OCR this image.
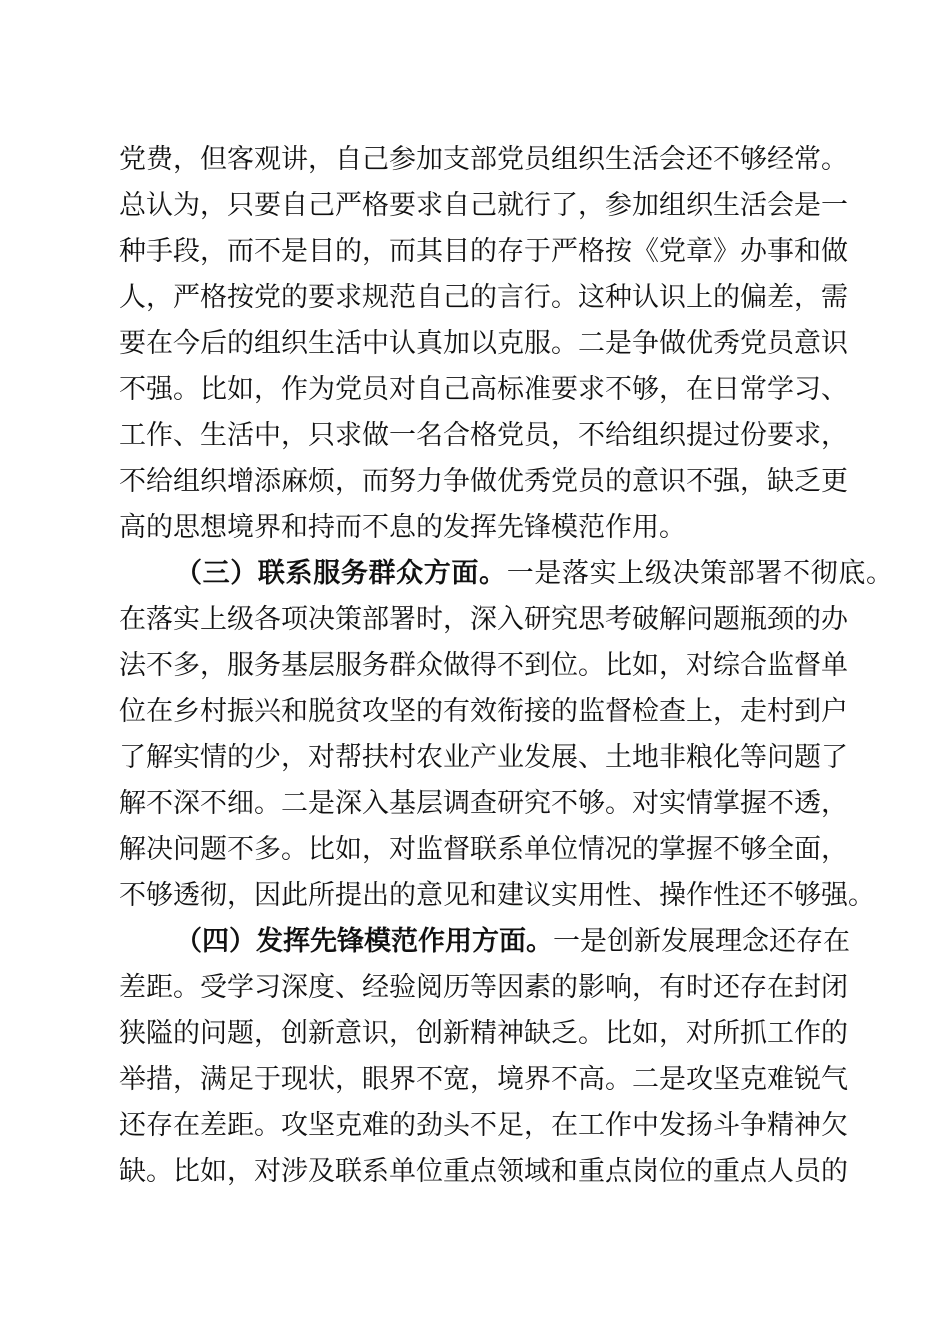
党费，但客观讲，自己参加支部党员组织生活会还不够经常。
总认为，只要自己严格要求自己就行了，参加组织生活会是一
种手段，而不是目的，而其目的存于严格按《党章》办事和做
人，严格按党的要求规范自己的言行。这种认识上的偏差，需
要在今后的组织生活中认真加以克服。二是争做优秀党员意识
不强。比如，作为党员对自己高标准要求不够，在日常学习、
工作、生活中，只求做一名合格党员，不给组织提过份要求，
不给组织增添麻烦，而努力争做优秀党员的意识不强，缺乏更
高的思想境界和持而不息的发挥先锋模范作用。
（三）联系服务群众方面。一是落实上级决策部署不彻底。
在落实上级各项决策部署时，深入研究思考破解问题瓶颈的办
法不多，服务基层服务群众做得不到位。比如，对综合监督单
位在乡村振兴和脱贫攻坚的有效衔接的监督检查上，走村到户
了解实情的少，对帮扶村农业产业发展、土地非粮化等问题了
解不深不细。二是深入基层调查研究不够。对实情掌握不透，
解决问题不多。比如，对监督联系单位情况的掌握不够全面，
不够透彻，因此所提出的意见和建议实用性、操作性还不够强。
（四）发挥先锋模范作用方面。一是创新发展理念还存在
差距。受学习深度、经验阅历等因素的影响，有时还存在封闭
狭隘的问题，创新意识，创新精神缺乏。比如，对所抓工作的
举措，满足于现状，眼界不宽，境界不高。二是攻坚克难锐气
还存在差距。攻坚克难的劲头不足，在工作中发扬斗争精神欠
缺。比如，对涉及联系单位重点领域和重点岗位的重点人员的
